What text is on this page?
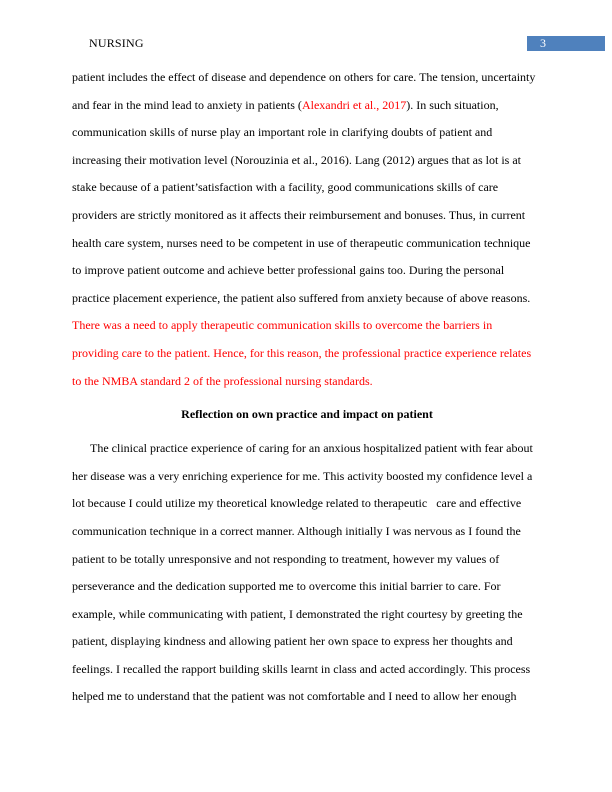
NURSING	3
patient includes the effect of disease and dependence on others for care. The tension, uncertainty
and fear in the mind lead to anxiety in patients (Alexandri et al., 2017). In such situation,
communication skills of nurse play an important role in clarifying doubts of patient and
increasing their motivation level (Norouzinia et al., 2016). Lang (2012) argues that as lot is at
stake because of a patient’satisfaction with a facility, good communications skills of care
providers are strictly monitored as it affects their reimbursement and bonuses. Thus, in current
health care system, nurses need to be competent in use of therapeutic communication technique
to improve patient outcome and achieve better professional gains too. During the personal
practice placement experience, the patient also suffered from anxiety because of above reasons.
There was a need to apply therapeutic communication skills to overcome the barriers in
providing care to the patient. Hence, for this reason, the professional practice experience relates
to the NMBA standard 2 of the professional nursing standards.
Reflection on own practice and impact on patient
The clinical practice experience of caring for an anxious hospitalized patient with fear about
her disease was a very enriching experience for me. This activity boosted my confidence level a
lot because I could utilize my theoretical knowledge related to therapeutic   care and effective
communication technique in a correct manner. Although initially I was nervous as I found the
patient to be totally unresponsive and not responding to treatment, however my values of
perseverance and the dedication supported me to overcome this initial barrier to care. For
example, while communicating with patient, I demonstrated the right courtesy by greeting the
patient, displaying kindness and allowing patient her own space to express her thoughts and
feelings. I recalled the rapport building skills learnt in class and acted accordingly. This process
helped me to understand that the patient was not comfortable and I need to allow her enough
